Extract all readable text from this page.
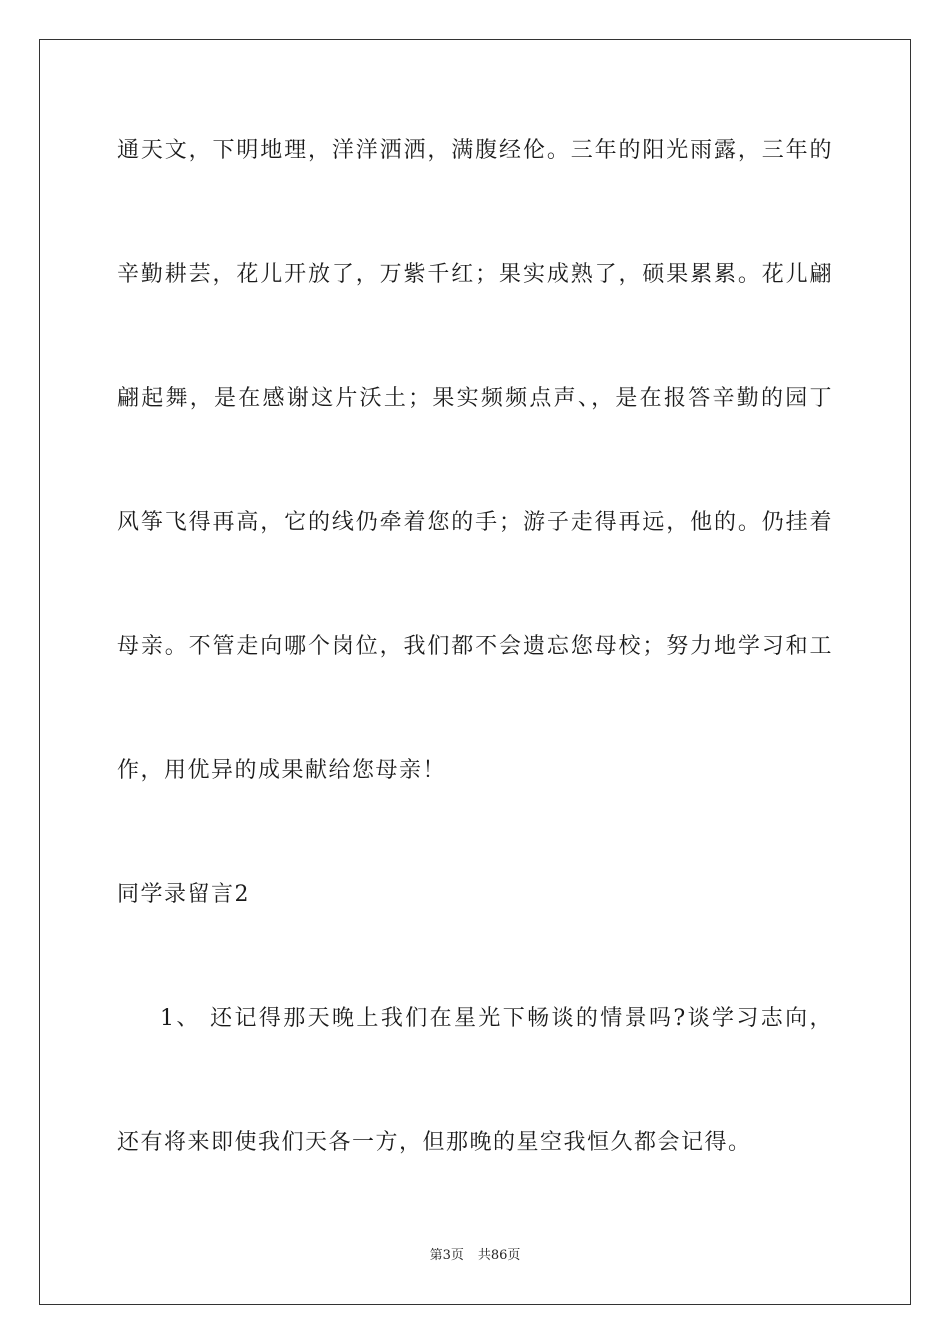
通天文，下明地理，洋洋洒洒，满腹经伦。三年的阳光雨露，三年的
辛勤耕芸，花儿开放了，万紫千红；果实成熟了，硕果累累。花儿翩
翩起舞，是在感谢这片沃土；果实频频点声、，是在报答辛勤的园丁
风筝飞得再高，它的线仍牵着您的手；游子走得再远，他的。仍挂着
母亲。不管走向哪个岗位，我们都不会遗忘您母校；努力地学习和工
作，用优异的成果献给您母亲！
同学录留言2
1、 还记得那天晚上我们在星光下畅谈的情景吗?谈学习志向，
还有将来即使我们天各一方，但那晚的星空我恒久都会记得。
第3页 共86页
